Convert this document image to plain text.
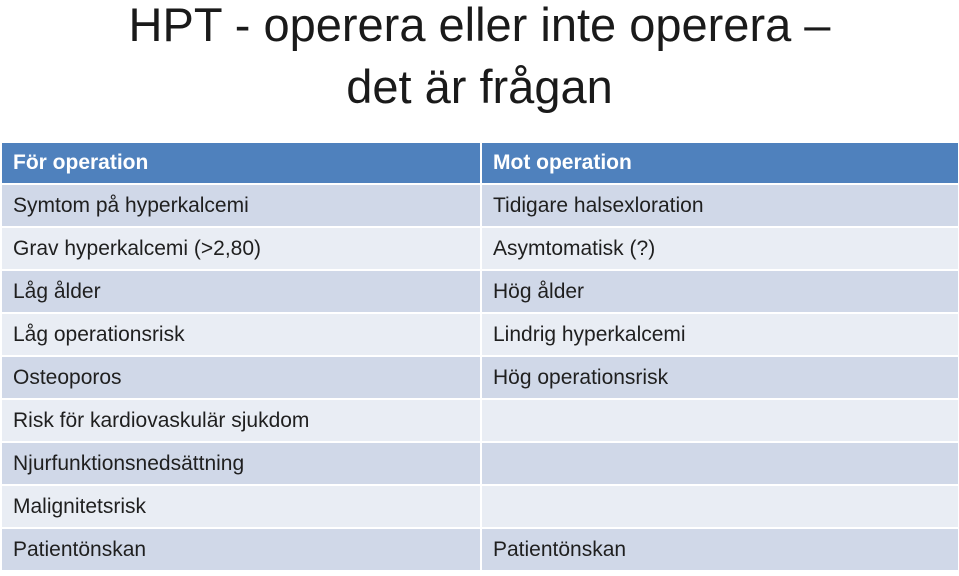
HPT - operera eller inte operera –
det är frågan
För operation	Mot operation
Symtom på hyperkalcemi	Tidigare halsexloration
Grav hyperkalcemi (>2,80)	Asymtomatisk (?)
Låg ålder	Hög ålder
Låg operationsrisk	Lindrig hyperkalcemi
Osteoporos	Hög operationsrisk
Risk för kardiovaskulär sjukdom	
Njurfunktionsnedsättning	
Malignitetsrisk	
Patientönskan	Patientönskan
